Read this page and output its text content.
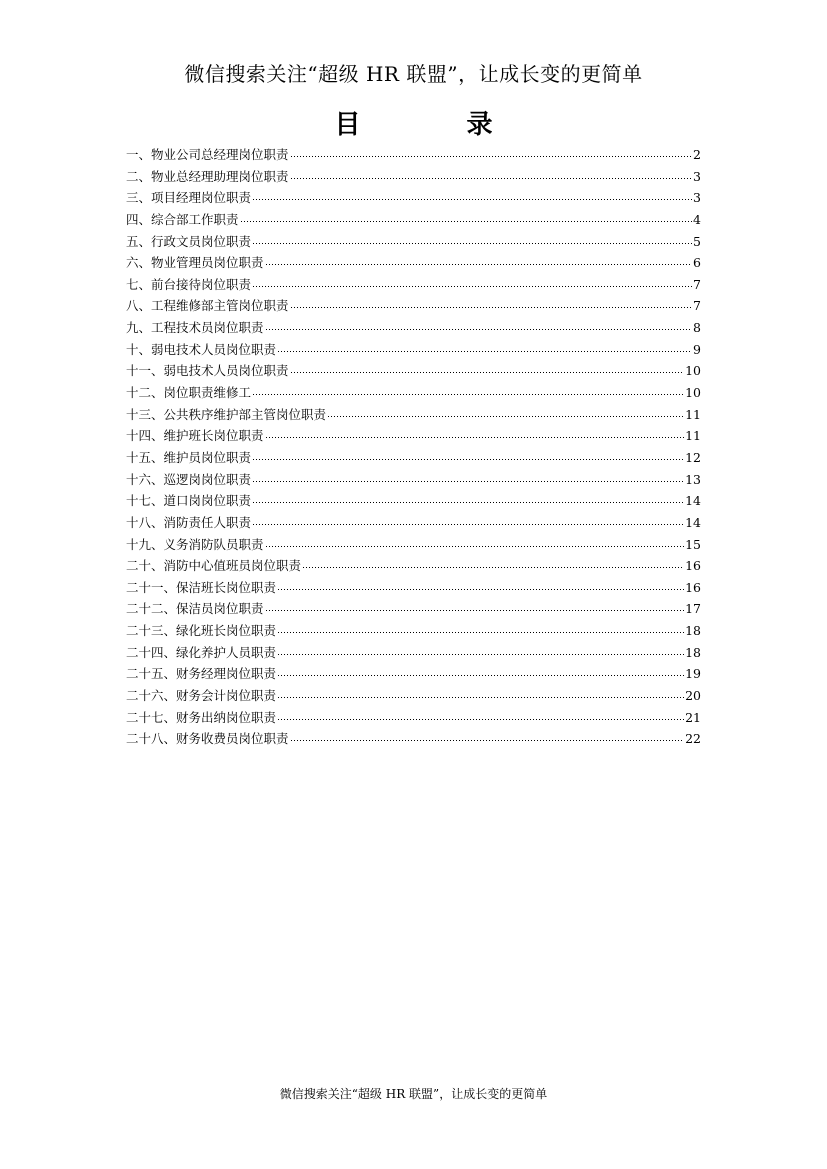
微信搜索关注“超级 HR 联盟”，让成长变的更简单
目　录
一、物业公司总经理岗位职责	2
二、物业总经理助理岗位职责	3
三、项目经理岗位职责	3
四、综合部工作职责	4
五、行政文员岗位职责	5
六、物业管理员岗位职责	6
七、前台接待岗位职责	7
八、工程维修部主管岗位职责	7
九、工程技术员岗位职责	8
十、弱电技术人员岗位职责	9
十一、弱电技术人员岗位职责	10
十二、岗位职责维修工	10
十三、公共秩序维护部主管岗位职责	11
十四、维护班长岗位职责	11
十五、维护员岗位职责	12
十六、巡逻岗岗位职责	13
十七、道口岗岗位职责	14
十八、消防责任人职责	14
十九、义务消防队员职责	15
二十、消防中心值班员岗位职责	16
二十一、保洁班长岗位职责	16
二十二、保洁员岗位职责	17
二十三、绿化班长岗位职责	18
二十四、绿化养护人员职责	18
二十五、财务经理岗位职责	19
二十六、财务会计岗位职责	20
二十七、财务出纳岗位职责	21
二十八、财务收费员岗位职责	22
微信搜索关注“超级 HR 联盟”，让成长变的更简单
